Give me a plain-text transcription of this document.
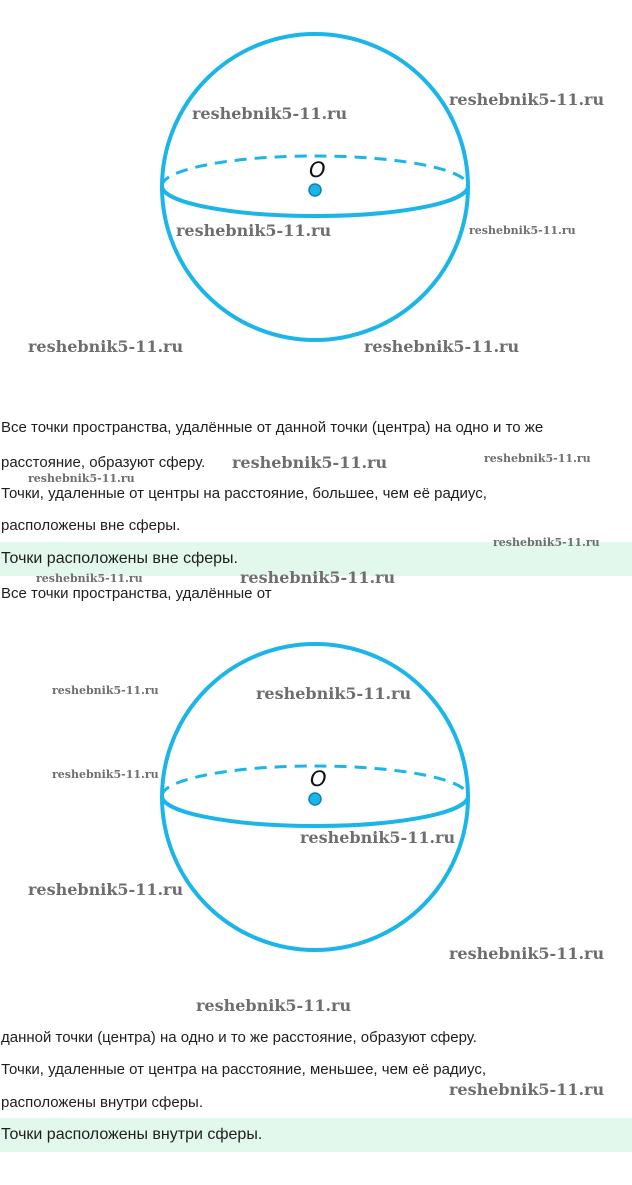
O
reshebnik5-11.ru
reshebnik5-11.ru
reshebnik5-11.ru	reshebnik5-11.ru
reshebnik5-11.ru	reshebnik5-11.ru
Все точки пространства, удалённые от данной точки (центра) на одно и то же
расстояние, образуют сферу. reshebnik5-11.ru	reshebnik5-11.ru
Точки, удаленные от центры на расстояние, большее, чем её радиус,
расположены вне сферы.
Точки расположены вне сферы.
reshebnik5-11.ru
reshebnik5-11.ru
reshebnik5-11.ru	reshebnik5-11.ru
Все точки пространства, удалённые от
O
reshebnik5-11.ru	reshebnik5-11.ru
reshebnik5-11.ru
reshebnik5-11.ru
reshebnik5-11.ru
reshebnik5-11.ru
reshebnik5-11.ru
данной точки (центра) на одно и то же расстояние, образуют сферу.
Точки, удаленные от центра на расстояние, меньшее, чем её радиус,
reshebnik5-11.ru
расположены внутри сферы.
Точки расположены внутри сферы.
